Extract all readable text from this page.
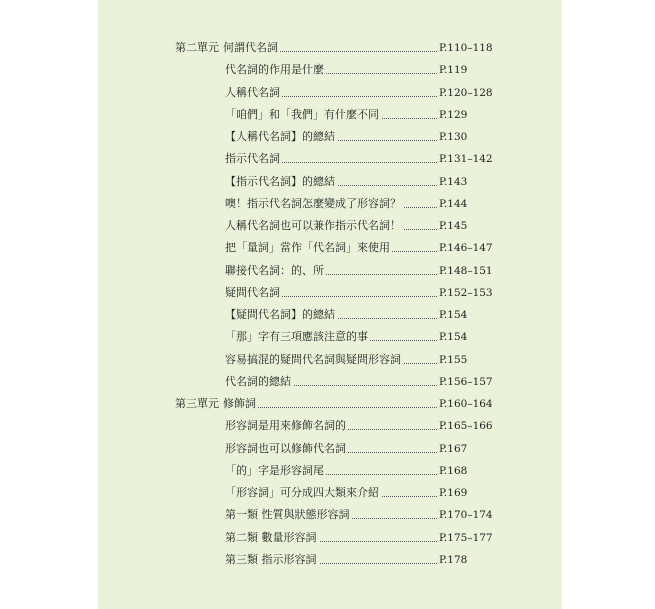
第二單元 何謂代名詞	P.110–118
代名詞的作用是什麼	P.119
人稱代名詞	P.120–128
「咱們」和「我們」有什麼不同	P.129
【人稱代名詞】的總結	P.130
指示代名詞	P.131–142
【指示代名詞】的總結	P.143
噢！指示代名詞怎麼變成了形容詞？	P.144
人稱代名詞也可以兼作指示代名詞！	P.145
把「量詞」當作「代名詞」來使用	P.146–147
聯接代名詞：的、所	P.148–151
疑問代名詞	P.152–153
【疑問代名詞】的總結	P.154
「那」字有三項應該注意的事	P.154
容易搞混的疑問代名詞與疑問形容詞	P.155
代名詞的總結	P.156–157
第三單元 修飾詞	P.160–164
形容詞是用來修飾名詞的	P.165–166
形容詞也可以修飾代名詞	P.167
「的」字是形容詞尾	P.168
「形容詞」可分成四大類來介紹	P.169
第一類 性質與狀態形容詞	P.170–174
第二類 數量形容詞	P.175–177
第三類 指示形容詞	P.178
